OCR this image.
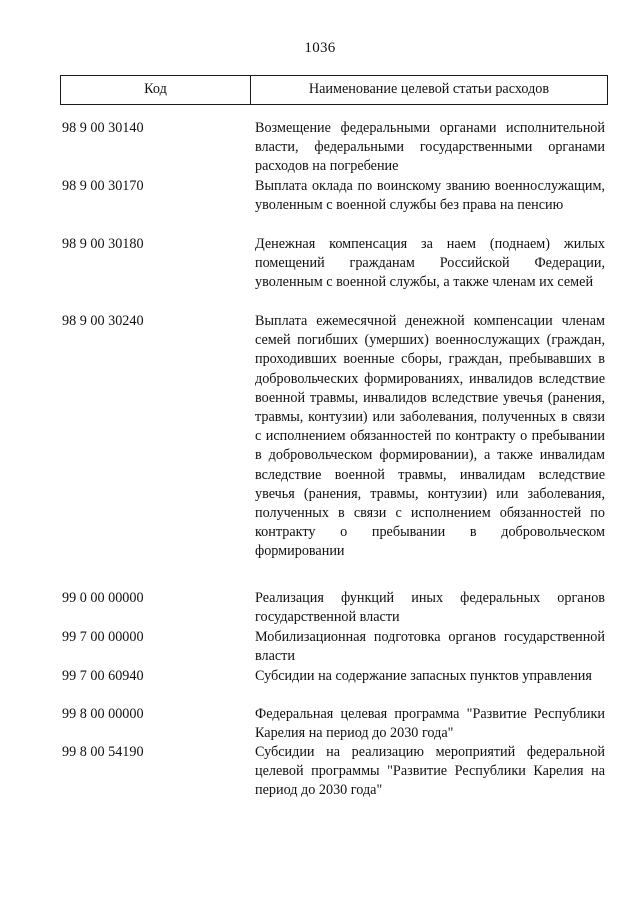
1036
Код	Наименование целевой статьи расходов
98 9 00 30140	Возмещение федеральными органами исполнительной власти, федеральными государственными органами расходов на погребение
98 9 00 30170	Выплата оклада по воинскому званию военнослужащим, уволенным с военной службы без права на пенсию
98 9 00 30180	Денежная компенсация за наем (поднаем) жилых помещений гражданам Российской Федерации, уволенным с военной службы, а также членам их семей
98 9 00 30240	Выплата ежемесячной денежной компенсации членам семей погибших (умерших) военнослужащих (граждан, проходивших военные сборы, граждан, пребывавших в добровольческих формированиях, инвалидов вследствие военной травмы, инвалидов вследствие увечья (ранения, травмы, контузии) или заболевания, полученных в связи с исполнением обязанностей по контракту о пребывании в добровольческом формировании), а также инвалидам вследствие военной травмы, инвалидам вследствие увечья (ранения, травмы, контузии) или заболевания, полученных в связи с исполнением обязанностей по контракту о пребывании в добровольческом формировании
99 0 00 00000	Реализация функций иных федеральных органов государственной власти
99 7 00 00000	Мобилизационная подготовка органов государственной власти
99 7 00 60940	Субсидии на содержание запасных пунктов управления
99 8 00 00000	Федеральная целевая программа "Развитие Республики Карелия на период до 2030 года"
99 8 00 54190	Субсидии на реализацию мероприятий федеральной целевой программы "Развитие Республики Карелия на период до 2030 года"
